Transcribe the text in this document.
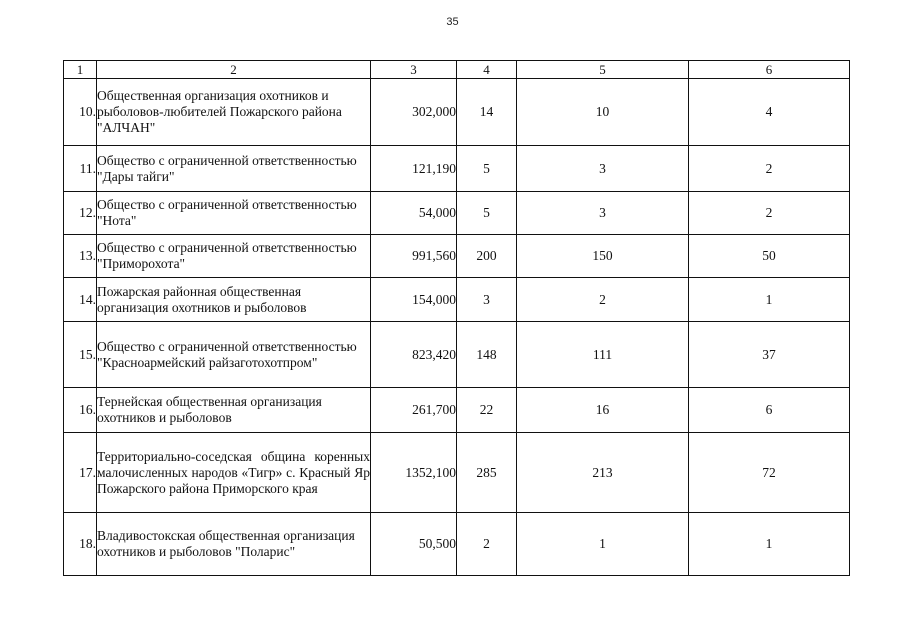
35
1	2	3	4	5	6
10.	Общественная организация охотников и рыболовов-любителей Пожарского района "АЛЧАН"	302,000	14	10	4
11.	Общество с ограниченной ответственностью "Дары тайги"	121,190	5	3	2
12.	Общество с ограниченной ответственностью "Нота"	54,000	5	3	2
13.	Общество с ограниченной ответственностью "Приморохота"	991,560	200	150	50
14.	Пожарская районная общественная организация охотников и рыболовов	154,000	3	2	1
15.	Общество с ограниченной ответственностью "Красноармейский райзаготохотпром"	823,420	148	111	37
16.	Тернейская общественная организация охотников и рыболовов	261,700	22	16	6
17.	Территориально-соседская община коренных малочисленных народов «Тигр» с. Красный Яр Пожарского района Приморского края	1352,100	285	213	72
18.	Владивостокская общественная организация охотников и рыболовов "Поларис"	50,500	2	1	1
